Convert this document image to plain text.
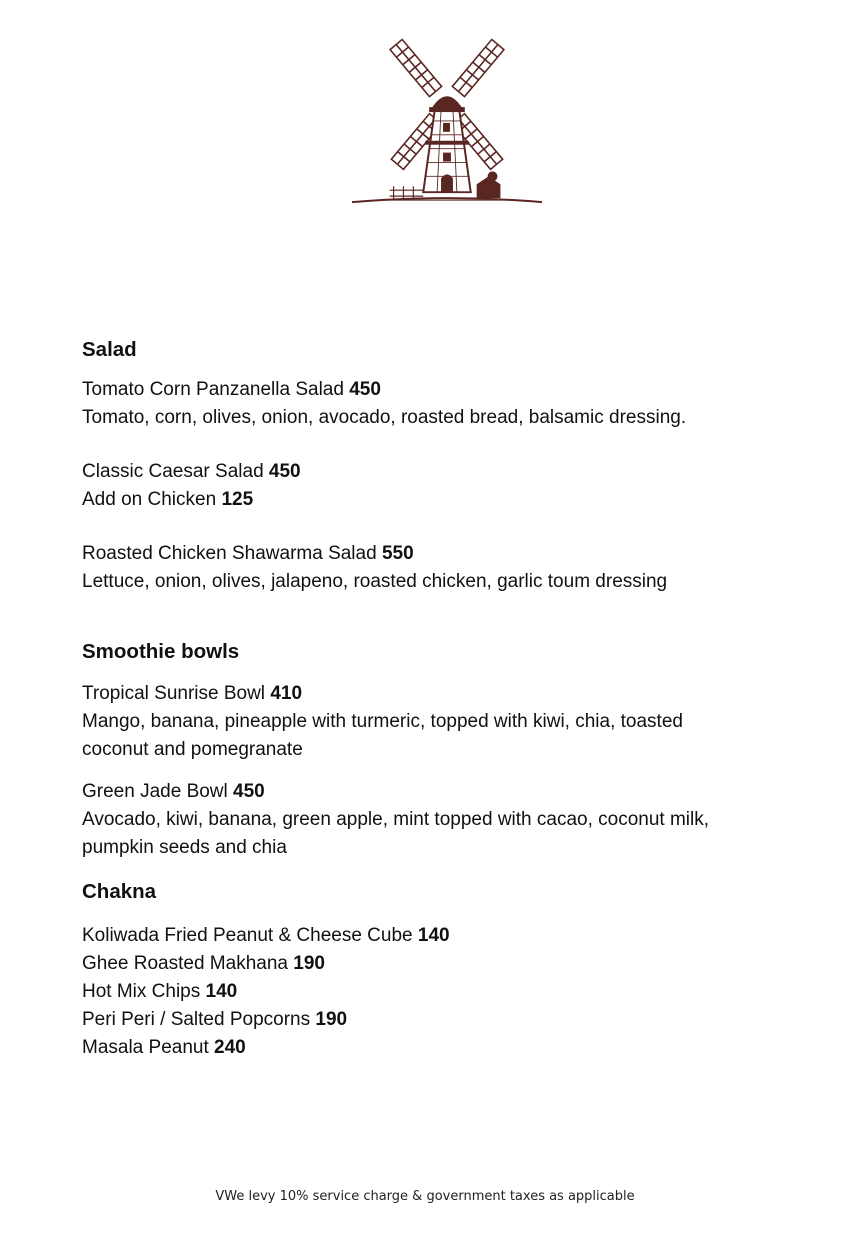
Salad
Tomato Corn Panzanella Salad 450
Tomato, corn, olives, onion, avocado, roasted bread, balsamic dressing.
Classic Caesar Salad 450
Add on Chicken 125
Roasted Chicken Shawarma Salad 550
Lettuce, onion, olives, jalapeno, roasted chicken, garlic toum dressing
Smoothie bowls
Tropical Sunrise Bowl 410
Mango, banana, pineapple with turmeric, topped with kiwi, chia, toasted
coconut and pomegranate
Green Jade Bowl 450
Avocado, kiwi, banana, green apple, mint topped with cacao, coconut milk,
pumpkin seeds and chia
Chakna
Koliwada Fried Peanut & Cheese Cube 140
Ghee Roasted Makhana 190
Hot Mix Chips 140
Peri Peri / Salted Popcorns 190
Masala Peanut 240
VWe levy 10% service charge & government taxes as applicable
